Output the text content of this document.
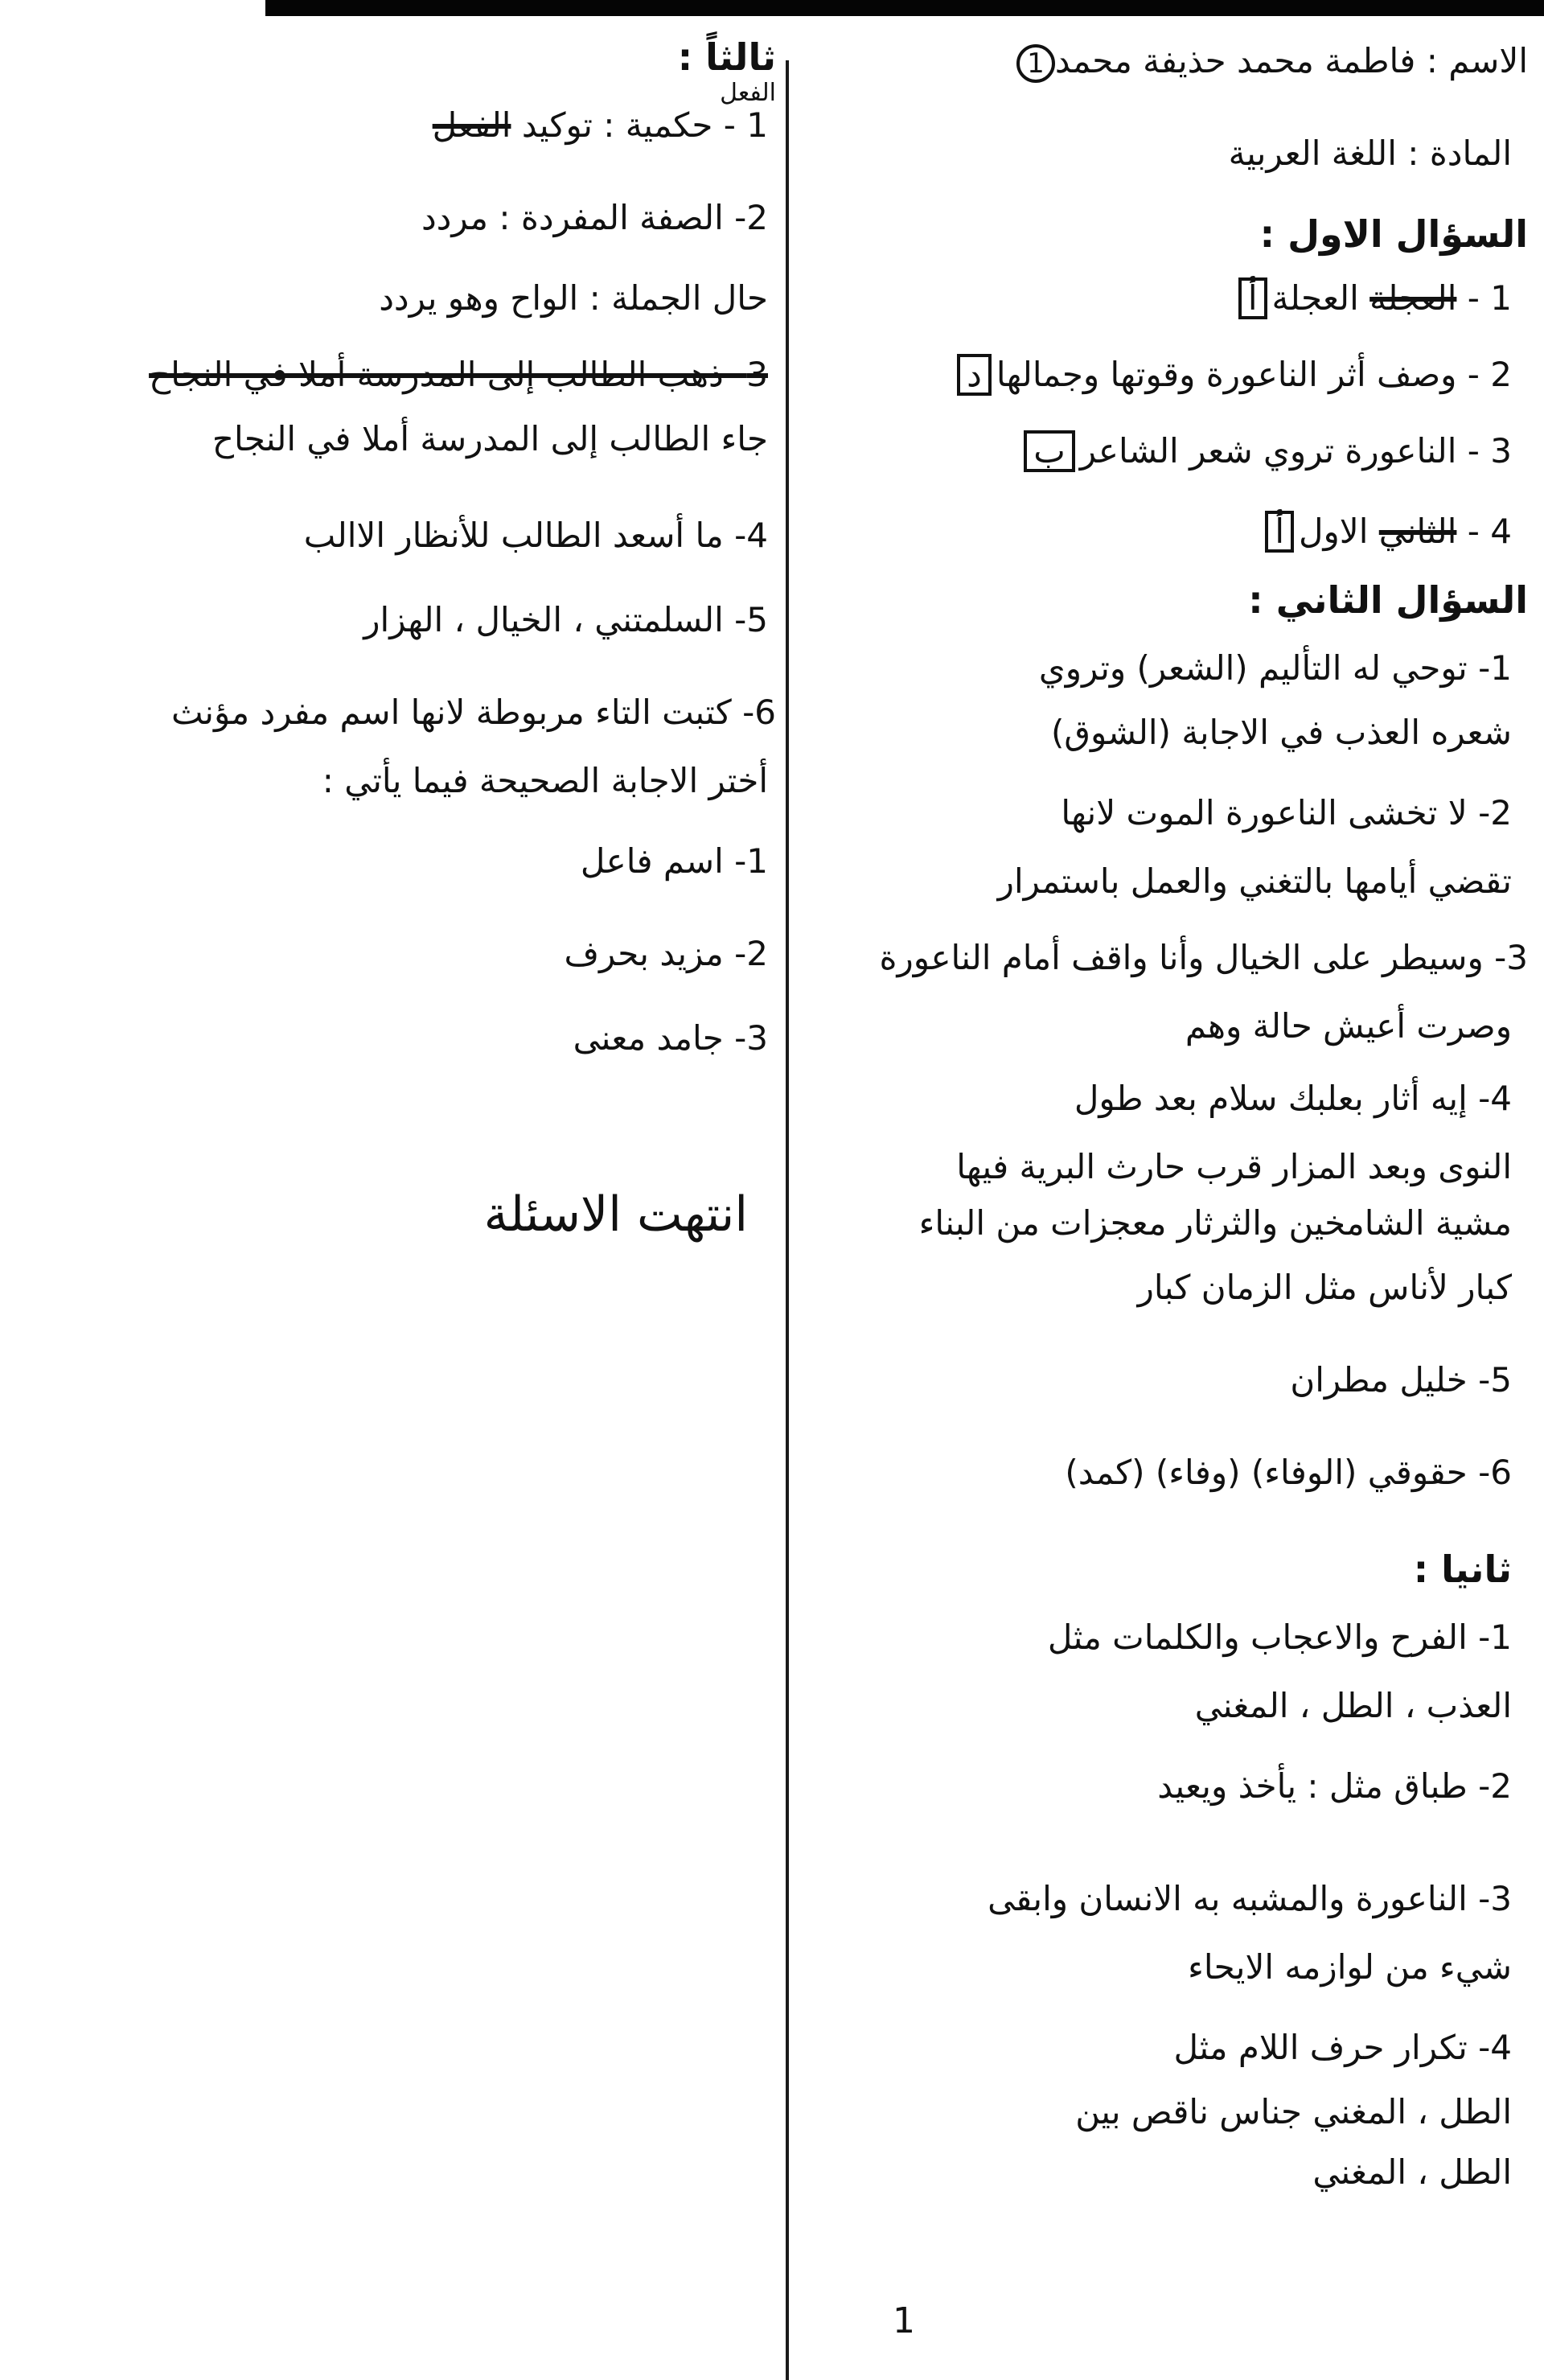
الاسم : فاطمة محمد حذيفة محمد1
المادة : اللغة العربية
السؤال الاول :
1 - العجلة العجلةأ
2 - وصف أثر الناعورة وقوتها وجمالهاد
3 - الناعورة تروي شعر الشاعرب
4 - الثاني الاولأ
السؤال الثاني :
1- توحي له التأليم (الشعر) وتروي
شعره العذب في الاجابة (الشوق)
2- لا تخشى الناعورة الموت لانها
تقضي أيامها بالتغني والعمل باستمرار
3- وسيطر على الخيال وأنا واقف أمام الناعورة
وصرت أعيش حالة وهم
4- إيه أثار بعلبك سلام بعد طول
النوى وبعد المزار قرب حارث البرية فيها
مشية الشامخين والثرثار معجزات من البناء
كبار لأناس مثل الزمان كبار
5- خليل مطران
6- حقوقي (الوفاء) (وفاء) (كمد)
ثانيا :
1- الفرح والاعجاب والكلمات مثل
العذب ، الطل ، المغني
2- طباق مثل : يأخذ ويعيد
3- الناعورة والمشبه به الانسان وابقى
شيء من لوازمه الايحاء
4- تكرار حرف اللام مثل
الطل ، المغني جناس ناقص بين
الطل ، المغني
ثالثاً :
الفعل
1 - حكمية : توكيد الفعل
2- الصفة المفردة : مردد
حال الجملة : الواح وهو يردد
3- ذهب الطالب إلى المدرسة أملا في النجاح
جاء الطالب إلى المدرسة أملا في النجاح
4- ما أسعد الطالب للأنظار الاالب
5- السلمتني ، الخيال ، الهزار
6- كتبت التاء مربوطة لانها اسم مفرد مؤنث
أختر الاجابة الصحيحة فيما يأتي :
1- اسم فاعل
2- مزيد بحرف
3- جامد معنى
انتهت الاسئلة
1
